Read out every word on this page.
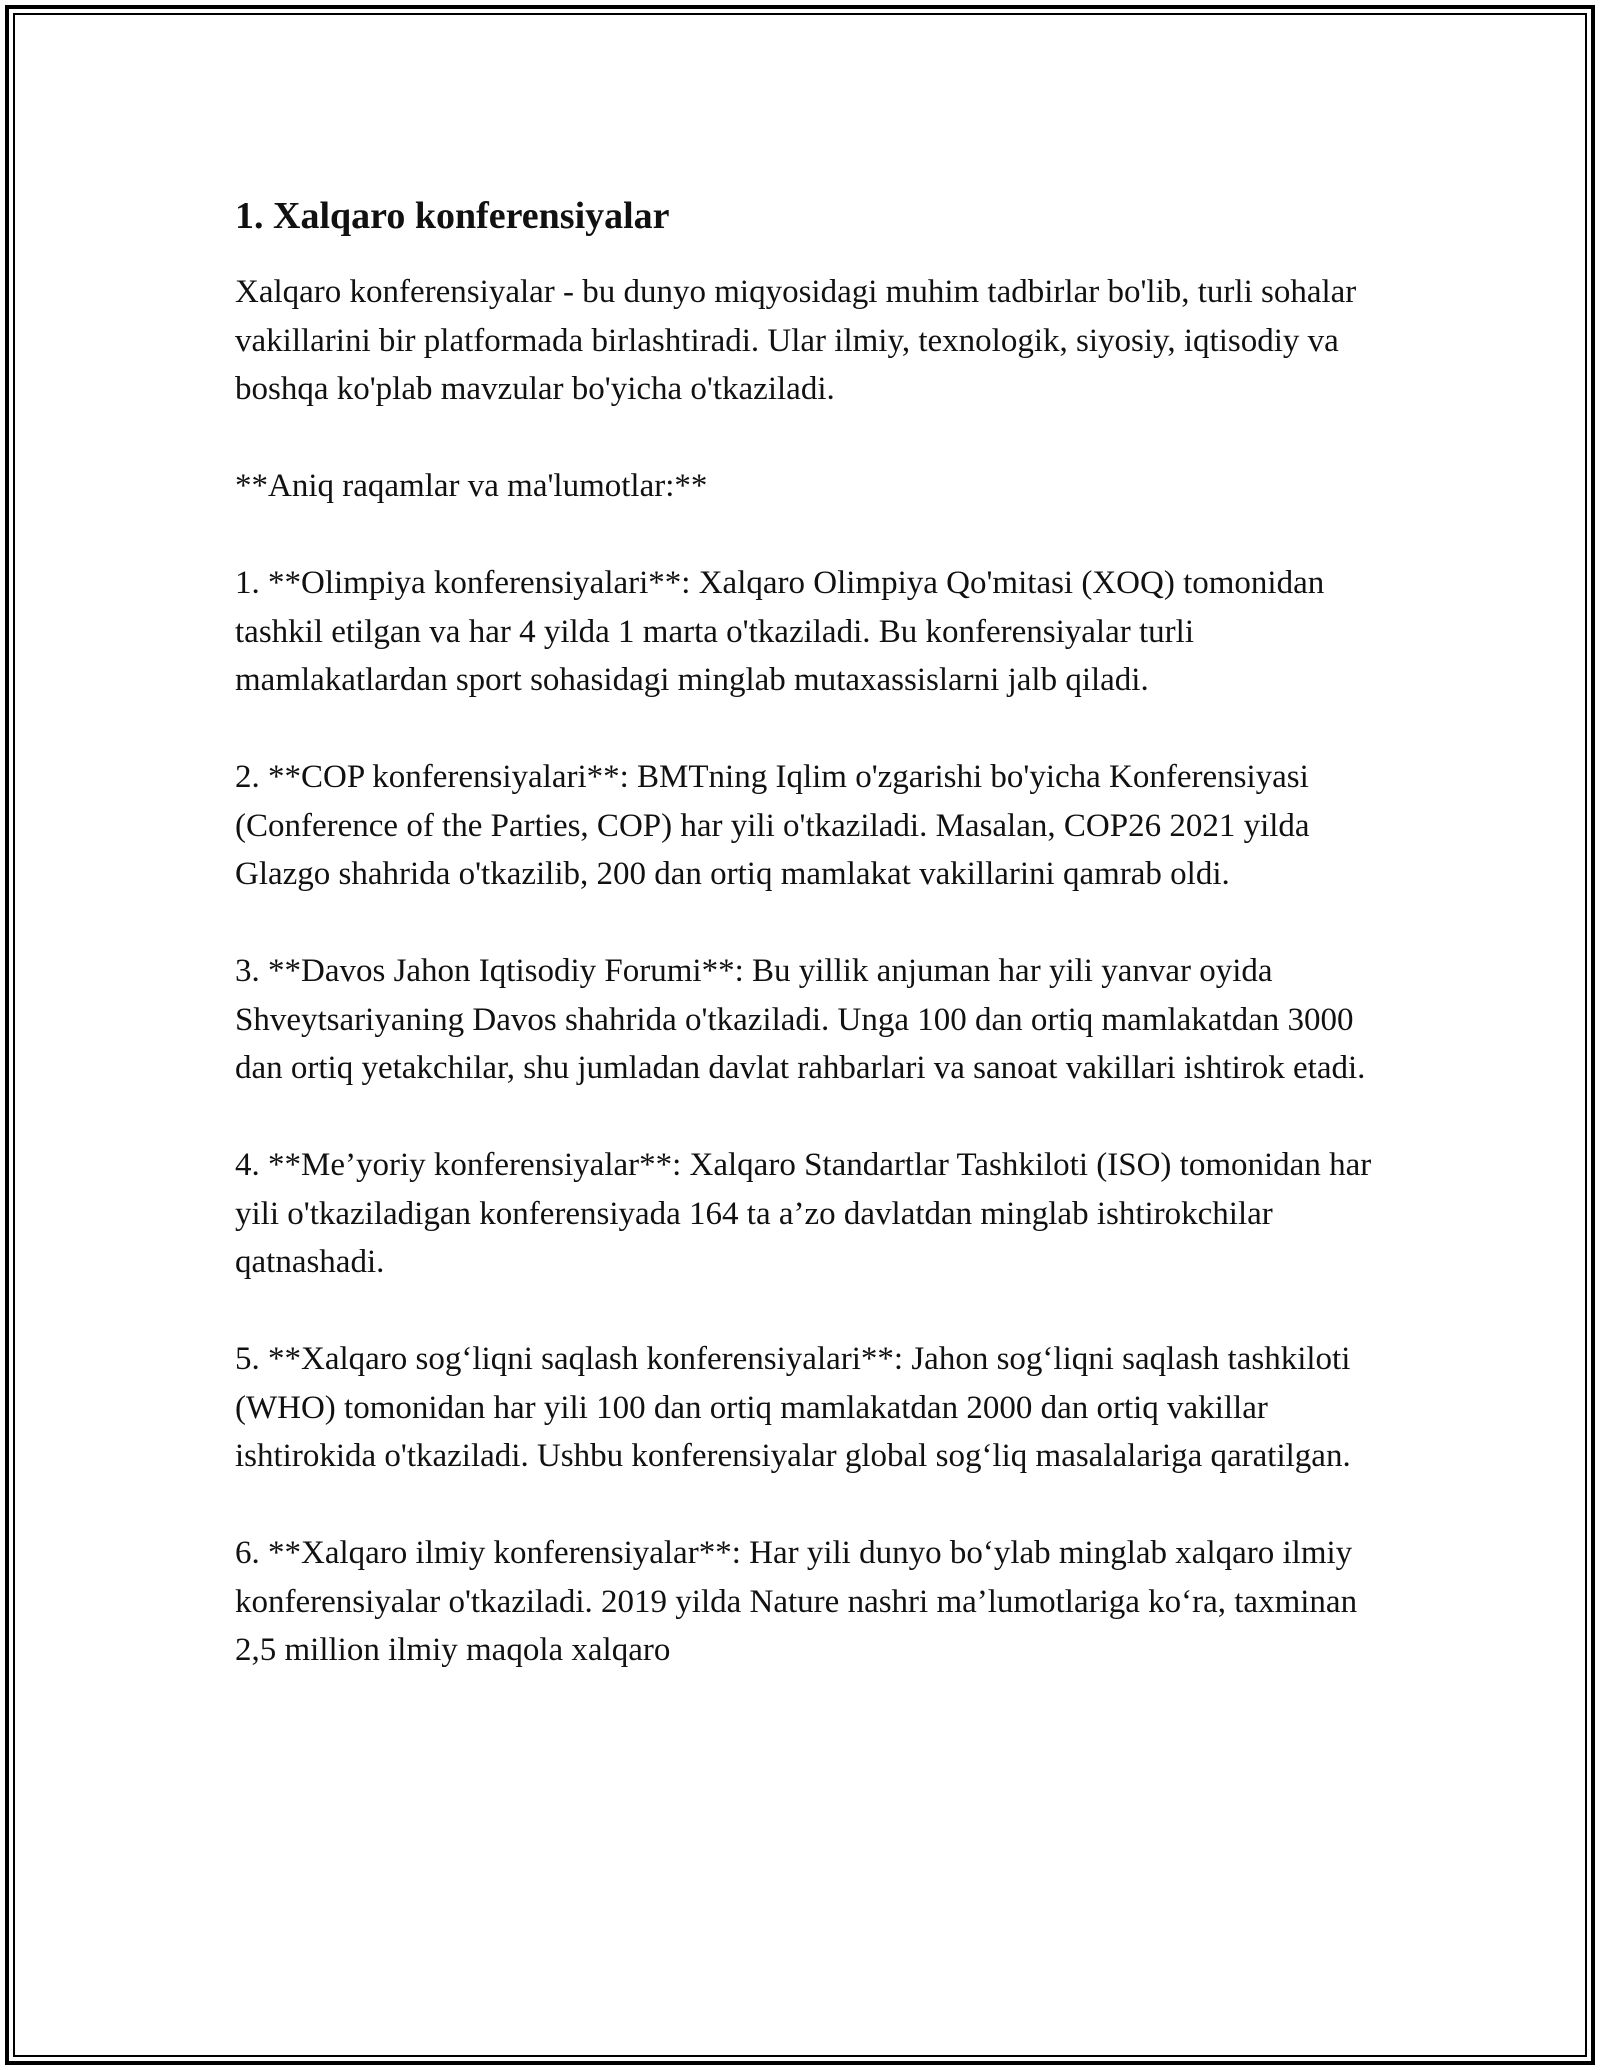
1. Xalqaro konferensiyalar

Xalqaro konferensiyalar - bu dunyo miqyosidagi muhim tadbirlar bo'lib, turli sohalar vakillarini bir platformada birlashtiradi. Ular ilmiy, texnologik, siyosiy, iqtisodiy va boshqa ko'plab mavzular bo'yicha o'tkaziladi.

**Aniq raqamlar va ma'lumotlar:**

1. **Olimpiya konferensiyalari**: Xalqaro Olimpiya Qo'mitasi (XOQ) tomonidan tashkil etilgan va har 4 yilda 1 marta o'tkaziladi. Bu konferensiyalar turli mamlakatlardan sport sohasidagi minglab mutaxassislarni jalb qiladi.

2. **COP konferensiyalari**: BMTning Iqlim o'zgarishi bo'yicha Konferensiyasi (Conference of the Parties, COP) har yili o'tkaziladi. Masalan, COP26 2021 yilda Glazgo shahrida o'tkazilib, 200 dan ortiq mamlakat vakillarini qamrab oldi.

3. **Davos Jahon Iqtisodiy Forumi**: Bu yillik anjuman har yili yanvar oyida Shveytsariyaning Davos shahrida o'tkaziladi. Unga 100 dan ortiq mamlakatdan 3000 dan ortiq yetakchilar, shu jumladan davlat rahbarlari va sanoat vakillari ishtirok etadi.

4. **Me’yoriy konferensiyalar**: Xalqaro Standartlar Tashkiloti (ISO) tomonidan har yili o'tkaziladigan konferensiyada 164 ta a’zo davlatdan minglab ishtirokchilar qatnashadi.

5. **Xalqaro sog‘liqni saqlash konferensiyalari**: Jahon sog‘liqni saqlash tashkiloti (WHO) tomonidan har yili 100 dan ortiq mamlakatdan 2000 dan ortiq vakillar ishtirokida o'tkaziladi. Ushbu konferensiyalar global sog‘liq masalalariga qaratilgan.

6. **Xalqaro ilmiy konferensiyalar**: Har yili dunyo bo‘ylab minglab xalqaro ilmiy konferensiyalar o'tkaziladi. 2019 yilda Nature nashri ma’lumotlariga ko‘ra, taxminan 2,5 million ilmiy maqola xalqaro
